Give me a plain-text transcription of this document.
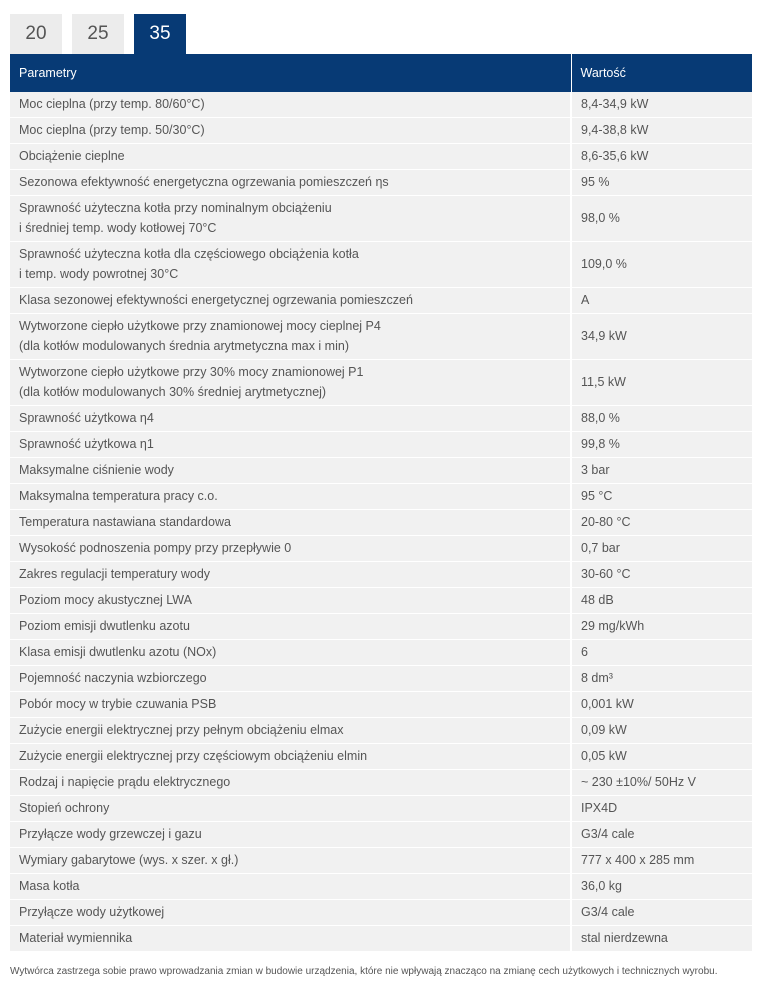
20	25	35
Parametry	Wartość
Moc cieplna (przy temp. 80/60°C)	8,4-34,9 kW
Moc cieplna (przy temp. 50/30°C)	9,4-38,8 kW
Obciążenie cieplne	8,6-35,6 kW
Sezonowa efektywność energetyczna ogrzewania pomieszczeń ηs	95 %
Sprawność użyteczna kotła przy nominalnym obciążeniu
i średniej temp. wody kotłowej 70°C	98,0 %
Sprawność użyteczna kotła dla częściowego obciążenia kotła
i temp. wody powrotnej 30°C	109,0 %
Klasa sezonowej efektywności energetycznej ogrzewania pomieszczeń	A
Wytworzone ciepło użytkowe przy znamionowej mocy cieplnej P4
(dla kotłów modulowanych średnia arytmetyczna max i min)	34,9 kW
Wytworzone ciepło użytkowe przy 30% mocy znamionowej P1
(dla kotłów modulowanych 30% średniej arytmetycznej)	11,5 kW
Sprawność użytkowa η4	88,0 %
Sprawność użytkowa η1	99,8 %
Maksymalne ciśnienie wody	3 bar
Maksymalna temperatura pracy c.o.	95 °C
Temperatura nastawiana standardowa	20-80 °C
Wysokość podnoszenia pompy przy przepływie 0	0,7 bar
Zakres regulacji temperatury wody	30-60 °C
Poziom mocy akustycznej LWA	48 dB
Poziom emisji dwutlenku azotu	29 mg/kWh
Klasa emisji dwutlenku azotu (NOx)	6
Pojemność naczynia wzbiorczego	8 dm³
Pobór mocy w trybie czuwania PSB	0,001 kW
Zużycie energii elektrycznej przy pełnym obciążeniu elmax	0,09 kW
Zużycie energii elektrycznej przy częściowym obciążeniu elmin	0,05 kW
Rodzaj i napięcie prądu elektrycznego	~ 230 ±10%/ 50Hz V
Stopień ochrony	IPX4D
Przyłącze wody grzewczej i gazu	G3/4 cale
Wymiary gabarytowe (wys. x szer. x gł.)	777 x 400 x 285 mm
Masa kotła	36,0 kg
Przyłącze wody użytkowej	G3/4 cale
Materiał wymiennika	stal nierdzewna
Wytwórca zastrzega sobie prawo wprowadzania zmian w budowie urządzenia, które nie wpływają znacząco na zmianę cech użytkowych i technicznych wyrobu.
